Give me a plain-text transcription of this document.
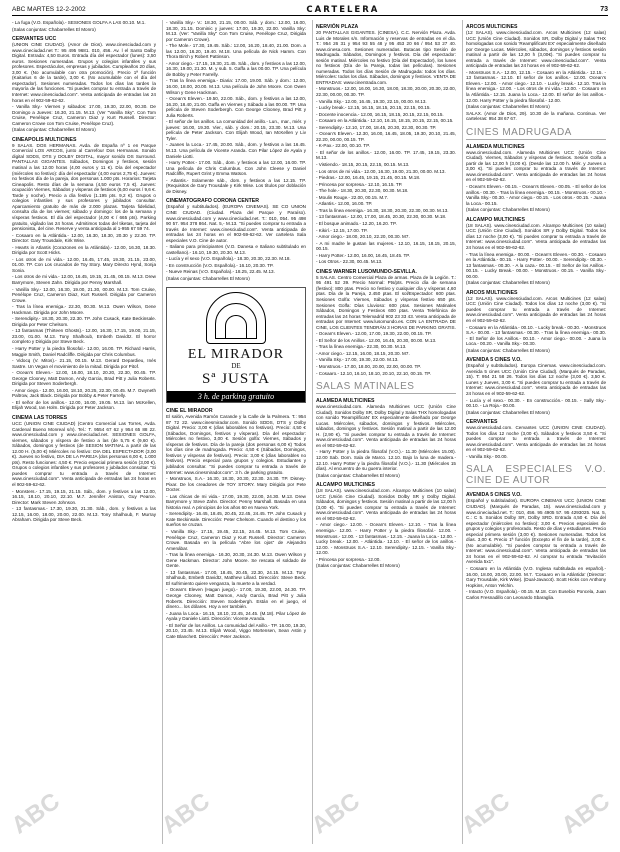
ABC MARTES 12-2-2002	CARTELERA	73
- La fuga (V.O. Española).- SESIONES GOLFA A LAS 00.10. M.1.
(Salas conjuntas: Chabarrelles El Monro)
CERVANTES UCC
(UNION CINE CIUDAD). (Amor de Dios). www.cinesciudad.com y www.cineciudad.net T.: 95 495 9681. 010, 456. Av. l el Santo Dalby Digital. Entrada: 4,50 Euros. Entrada día del espectador (lunes): 3,50 euros. Sesiones numeradas. Grupos y colegios infantiles y sus profesores. Espectáculos, empresas y jubilados. Cumpleaños 20 días, 3,00 €. (No acumulable con otra promoción). Precio 1ª función (Kaitarius 6 de la tarde), 3,00 €. (No acumulable con el día del espectador). Sesiones numeradas. Todos los días las tardes la mayoría de las funciones. "Si puedes comprar tu entrada a través de Internet: www.cinesciudad.com". Venta anticipada de entradas las 24 horas en el 902-59-62-62.
- Vanilla Sky.- Viernes y sábados: 17.00, 19.30, 22.00, 00.30. De Domingo a Jueves: 16.30, 21.15. M.13. (Ver "Vanilla Sky". Con Tom Cruise, Penélope Cruz, Cameron Diaz y Kurt Russell. Director: Cameron Crowe con Tom Cruise, Penélope Cruz).
(Salas conjuntas: Chabarrelles El Monro)
CINEAPOLIS MULTICINES
9 SALAS. DOS HERMANAS. Avda. de España nº 1 en Parque Comercial LOS ARCOS, junto al Carrefour Dos Hermanas. Sonido digital SDDS, DTS y DOLBY DIGITAL, mayor sonido DS Surround. PANTALLAS GIGANTES. Sábados, Domingos y festivos, sesión matinal a las 12.00 horas (4,00 euros y 11 €). Día del espectador (miércoles no festivo): día del espectador (4,00 euros 2,75 €). Jueves: no festivos día de la pareja, dos personas 1.000 pts. Horarios: Tarjeta Cineapolis. Resto días de la semana (4,50 euros 7,5 €). Jueves: ocupación Viernes, Sábados y vísperas de festivos (6,00 euros / 9,6 €. Tarde y noche). Precio a día festivo (1.195 pts. 9,2 €). Grupos o colegios infantiles y sus profesores y jubilados consultar. Aparcamiento gratuito de más de 2.000 plazas. Tarjeta fidelidad, consulta día de los viernes; sábado y domingo: los de la semana y vísperas festivos. El día del espectador (4,00 € / 665 pts). Parking gratuito, vigilado las 24 horas. Admitimos todas del tiketas, tarjeta del pensionista, del cine. Reserve y venta anticipada al 1-955 67 59 74.
- Cosaaro en la Atlántida.- 12.00, 16.30, 18.30, 20.30 y 22.30. TP. Director: Gary Trousdale, Kirk Wise.
- Hearts in Atlantis (Corazones en la Atlántida).- 12.00, 16.30, 18.30. Dirigida por Scott Hicks.
- Los otros de mi vida.- 12.00, 16.45, 17.45, 19.30, 21.15, 23.00, 01.00. TP. Con Los crucados de Toy Story. Mary Directo Hynd, Sonja Sonia.
- Los otros de mi vida.- 12.00, 16.45, 19.15, 21.45, 00.15. M.13. Drew Barrymore, Steven Zahn. Dirigida por Penny Marshall.
- Vanilla Sky.- 12.00, 16.30, 19.00, 21.30, 00.00. M.13. Tom Cruise, Penélope Cruz, Cameron Diaz, Kurt Russell. Dirigida por Cameron Crowe.
- Tras la línea enemiga.- 22.30, 00.30. M.13. Owen Wilson, Gene Hackman. Dirigida por John Moore.
- Serendipity.- 18.30, 20.30, 22.30. TP. John Cusack, Kate Beckinsale. Dirigida por Peter Chelsom.
- 13 fantasmas (Thirteen Ghosts).- 12.00, 16.30, 17.15, 19.00, 21.15, 23.00, 01.00. M.13. Tony Shalhoub, Embeth Davidtz. El horror completo y Dirigida por Steve Beck.
- Harry Potter y la piedra filosofal.- 12.00, 16.00. TP. Richard Harris, Maggie Smith, Daniel Radcliffe. Dirigida por Chris Columbus.
- Vidocq (V. Mitos).- 21.15, 00.15. M.13. Gerard Depardieu, Inés Sastre. Un Vegan el movimiento de la mitad. Dirigida por Pitof.
- Ocean's Eleven.- 12.00, 16.00, 18.10, 20.20, 22.30, 00.45. TP. George Clooney, Matt Damon, Andy Garcia, Brad Pitt y Julia Roberts. Dirigida por Steven Soderbergh.
- Amor ciego.- 12.00, 16.00, 18.10, 20.25, 22.30, 00.45. M.7. Gwyneth Paltrow, Jack Black. Dirigida por Bobby & Peter Farrelly.
- El señor de los anillos.- 12.00, 16.00, 19.05. M.13. lan McKellen, Elijah Wood, Ian Holm. Dirigida por Peter Jackson.
CINEMA LAS TORRES
UCC (UNION CINE CIUDAD) (Centro Comercial Las Torres, Avda. Cardenal Bueno Monreal s/n). Tel.: T. 9554 67 62 y 954 65 88 22. www.cinesciudad.com y www.cineciudad.net. SESIONES GOLFA, viernes, sábados y víspera de festivo a las (de 5,75 € (9,60 €). Sábados, domingos y festivos (de SESION MATINAL a partir de las 12.00 H. (5,00 €) Miércoles no festivo: DIA DEL ESPECTADOR (3,00 €). Jueves no festivo, DIA DE LA PAREJA (dos personas 6,00 €, 1.000 pts). Resto funciones: 4,50 €. Precio especial primera sesión (3,00 €). Grupos o colegios infantiles y sus profesores y jubilados consultar. "Si puedes comprar tu entrada a través de Internet: www.cinesciudad.com". Venta anticipada de entradas las 24 horas en el 902-59-62-62.
- Monsters.- 17.15, 19.15, 21.15. Sáb., dom. y festivos a las 12.00, 16.15, 18.10, 20.10, 22.10. M.7. Jennifer Aniston, Guy Pearce. Director: Mark Steven Johnson.
- 13 fantasmas.- 17.30, 19.30, 21.30. Sáb., dom. y festivos a las 12.15, 16.00, 18.00, 20.00, 22.00. M.13. Tony Shalhoub, F. Murray Abraham. Dirigida por Steve Beck.
- Vanilla Sky.- V.: 18.30, 21.15, 00.00. Sáb. y dom.: 12.00, 16.00, 18.30, 21.15. Dominic y jueves: 17.00, 19.30, 22.00. Vanilla Sky: M.13. (Ver: "Vanilla Sky" Con Tom Cruise, Penélope Cruz, Dirigida por Cameron Crowe).
- The Mole.- 17.30, 19.45. Sáb.: 12.00, 16.20, 18.40, 21.00. Dom. a las 12.00, 16.20, 19.40. M.18. Una película de Nick Hamm. Con Thora Birch y Robert Pattinson.
- Amor ciego.- 17.15, 19.30, 21.45. Sáb., dom. y festivos a las 12.00, 16.30, 19.00, 21.30. M. y sub. 5. Gaffa a las 00.00. TP. Una película de Bobby y Peter Farrelly.
- Tras la línea enemiga.- Diaria: 17.00, 19.00. Sáb. y dom.: 12.00, 16.00, 18.00, 20.00. M.13. Una película de John Moore. Con Owen Wilson y Gene Hackman.
- Ocean's Eleven.- 19.50, 22.00. Sáb., dom. y festivos a las 12.00, 16.20, 18.40, 21.00. Gaffa en Viernes y Sábado a las 00.00. TP. Una película de Steven Soderbergh. Con George Clooney, Brad Pitt y Julia Roberts.
- El señor de los anillos. La comunidad del anillo.- Lun., mar., miér. y jueves: 16.00, 19.30. Vier., sáb. y dom.: 20.15, 23.30. M.13. Una película de Peter Jackson. Con Elijah Wood, Ian McKellen y Liv Tyler.
- Juanes la Loca.- 17.45, 20.00. Sáb., dom. y festivos a las 16.45. M.13. Una película de Vicente Aranda. Con Pilar López de Ayala y Daniele Liotti.
- Harry Potter.- 17.00. Sáb., dom. y festivos a las 12.00, 16.00. TP. Una película de Chris Columbus. Con John Cleese y Daniel Radcliffe, Rupert Grint y Emma Watson.
- Atlantis.- Solamente sáb., dom. y festivos a las 12.15. TP. (Requisitos de Gary Trousdale y Kirk Wise. Los títulos por doblación de Disney.
CINEMATOGRAFO CORONA CENTER
(Español y subtitulados). (EUROPA CINEMAS). SE CO UNION CINE CIUDAD. (Ciudad. Plaza del Parque y Paraíso). www.cinesciudad.com y www.cineciudad.net. T.: 010, 054. 95 498 90 57. 954 378 864. Nat. 5,- M.13. "Si puedes comprar tu entrada a través de Internet: www.cinesciudad.com". Venta anticipada de entradas las 24 horas en el 902-59-62-62. Ver cartelera Sala especiales V.O. Cine de autor.
- Italiano para principiantes (V.O. Danesa e Italiano subtitulado en castellano).- 16.10, 19.30, 20.30. M.13.
- Lucía y el sexo (V.O. Española).- 18.30, 20.30, 22.30. M.18.
- En construcción (V.O. Española).- 16.10, 20.30. TP.
- Nueve Reinas (V.O. Española).- 18.25, 22.45. M.13.
(Salas conjuntas: Chabarrelles El Monro)
EL MIRADOR
DE
Sª JUSTA
3 h. de parking gratuito
CINE EL MIRADOR
El salón, Avenida Ramón Carande y la Calle de la Palmera. T.: 954 87 72 22. www.cinesmirador.com. Sonido SDDS, DTS y Dolby Digital. Precio: 3,00 € (días laborables no festivos). Precio: 4,50 € (Sábados, Domingos, festivos y vísperas). Día del espectador: Miércoles no festivo, 3,00 €. Sesión golfa: Viernes, Sábados y vísperas de festivos. Día de la pareja (dos personas 6,00 €) Todos los días cine de madrugada. Precio: 4,50 € (Sábados, Domingos, festivos y vísperas de festivos). Precio: 3,00 € (días laborables no festivos). Precio especial para grupos y colegios. Estudiantes y jubilados consultar. "Si puedes comprar tu entrada a través de Internet: www.cinesmirador.com". 3 h. de parking gratuito.
- Monstruos, S.A.- 16.30, 18.30, 20.30, 22.30. 24.30. TP. Disney-Pixar. De los creadores de TOY STORY. Mary Dirigida por Pete Docter.
- Las chicas de mi vida.- 17.00, 19.30, 22.00, 24.30. M.13. Drew Barrymore y Steve Zahn. Director: Penny Marshall. Basada en una historia real. A principios de los años 60 en Nueva York.
- Serendipity.- 16.45, 18.45, 20.45, 22.45, 24.45. TP. John Cusack y Kate Beckinsale. Dirección: Peter Chelsom. Cuando el destino y los sueños se cruzan.
- Vanilla Sky.- 17.15, 19.45, 22.15, 24.45. M.13. Tom Cruise, Penélope Cruz, Cameron Diaz y Kurt Russell. Director: Cameron Crowe. Basada en la película "Abre los ojos" de Alejandro Amenábar.
- Tras la línea enemiga.- 16.30, 20.30, 24.30. M.13. Owen Wilson y Gene Hackman. Director: John Moore. Se rescata el soldado de Gente.
- 13 fantasmas.- 17.00, 18.45, 20.45, 22.30, 24.15. M.13. Tony Shalhoub, Embeth Davidtz, Matthew Lillard. Dirección: Steve Beck. El sufrimiento quiere venganza, la muerte a la verdad.
- Ocean's Eleven (Hagan juego).- 17.00, 19.30, 22.00, 24.30. TP. George Clooney, Matt Damon, Andy García, Brad Pitt y Julia Roberts. Dirección: Steven Soderbergh. Están en el juego, el dinero... los dólares. Hoy a ver también.
- Juana la Loca.- 16.15, 18.10, 22.45, 24.45. (M.18). Pilar López de Ayala y Daniele Liotti. Dirección: Vicente Aranda.
- El Señor de los Anillos. La comunidad del Anillo.- TP. 16.00, 19.30, 20.10, 23.45. M.13. Elijah Wood, Viggo Mortensen, Sean Astin y Cate Blanchett. Dirección: Peter Jackson.
NERVIÓN PLAZA
20 PANTALLAS GIGANTES. (CINESA). C.C. Nervión Plaza. Avda. Luis de Morales s/n. Información y reservas de entradas en el día. T.: 954 26 31 y 954 93 55 48 y 95 453 20 66 / 954 53 27 40. www.cinesa.com. Sesiones numeradas. Butacas tipo Sesión de Madrugada. Sábados, Domingos y festivos. Día del espectador: sesión matinal. Miércoles no festivo (Día del Espectador), los lunes no festivos (Día de la Pareja, todas las películas). Sesiones numeradas. Todos los días Sesión de Madrugada: todos los días. Miércoles: todos los días. Sábados, domingos y festivos. VENTA DE ENTRADAS: www.cinentrada.com.
- Monstruos.- 12.00, 16.00, 16.30, 18.00, 18.30, 20.00, 20.30, 22.00, 22.30, 00.00, 00.30. TP.
- Vanilla Sky.- 12.00, 16.45, 19.30, 22.15, 00.00. M.13.
- Lucky break.- 12.15, 16.15, 18.15, 20.15, 22.15, 00.15.
- Docente inocencia.- 12.00, 16.15, 18.15, 20.15, 22.15, 00.15.
- Cosaaro en la Atlántida.- 12.10, 16.15, 18.15, 20.15, 22.15, 00.15.
- Serendipity.- 12.10, 17.00, 18.45, 20.30, 22.30, 00.30. TP.
- Ocean's Eleven.- 12.30, 16.00, 16.45, 18.05, 19.30, 20.10, 21.45, 22.20, 00.00, 00.15. TP.
- K-Pax.- 22.00, 00.10. TP.
- El señor de los anillos.- 12.00, 16.00. TP. 17.45, 19.15, 23.30. M.13.
- Vistiendo.- 18.15, 20.15, 22.15, 00.15. M.13.
- Los otros de mi vida.- 12.00, 16.30, 19.00, 21.30, 00.00. M.13.
- Piedras.- 12.00, 16.45, 19.15, 21.45, 00.15. M.18.
- Princesa por sorpresa.- 12.10, 16.15. TP.
- The hole.- 18.30, 20.30, 22.30, 00.30. M.18.
- Moulin Rouge.- 22.00, 00.15. M.7.
- Atlantis.- 12.00, 16.00. TP.
- Tras la línea enemiga.- 16.30, 18.30, 20.30, 22.30, 00.30. M.13.
- 13 fantasmas.- 12.00, 17.00, 18.45, 20.30, 22.30, 00.30. M.18.
- El bosque animado.- 12.20, 16.20. TP.
- Kikirí.- 12.15, 17.00. TP.
- Amor ciego.- 18.00, 20.10, 22.20, 00.30. M7.
- A mi madre le gustan las mujeres.- 12.10, 16.15, 18.15, 20.15, 00.15.
- Harry Potter.- 12.00, 16.00, 16.45, 18.45. TP.
- Los Otros.- 22.30, 00.45. M.13.
CINES WARNER LUSOMUNDO-SEVILLA.
5 SALAS. Centro Comercial Plaza de armas. Plaza de la Legión. T.: 95 491 52 39. Precio Normal: Pts/pts. Precio día de semana (festivo): 800 ptas. Precio no festivo y cualquier día y vísperas 4,60 ptas. Día de la Pareja, 2.450 ptas. El sol/Espectador: 600 ptas. Sesiones Golfa: Viernes, Sábados y vísperas festivo 650 pts. Sesiones Golfa: Días Lluvioso: 600 ptas. Sesiones Matinales Sábados, Domingos y Festivos 600 ptas. Venta Telefónica de entradas las 24 horas Telemadrid 902 23 33 43. Venta anticipada de entradas por Internet: www.lusomundo.es. CON LA ENTRADA DE CINE, LOS CLIENTES TENDRÁN 3 HORAS DE PARKING GRATIS.
- Ocean's Eleven.- 12.00, 17.00, 19.30, 22.00, 00.15. TP.
- El Señor de los Anillos.- 12.00, 16.45, 20.30, 00.00. M.13.
- Tras la línea enemiga.- 22.30, 00.30. M.13.
- Amor ciego.- 12.15, 16.00, 18.15, 20.30. M7.
- Vanilla Sky.- 17.00, 19.30, 22.00. M.13.
- Monstruos.- 17.00, 18.00, 20.00, 22.00, 00.00. TP.
- Cosaaro.- 12.10, 16.10, 18.10, 20.10, 22.10, 00.15. TP.
SALAS MATINALES
ALAMEDA MULTICINES
www.cinesciudad.com. Alameda Multicines UCC (Unión Cine Ciudad). Sonidos Dolby SR, Dolby Digital y Salas THX homologadas con sonido 'ReamplificaN' EX especialmente diseñado por George Lucas. Miércoles, sábados, domingos y festivos. Miércoles, sábados, domingos y festivos. Sesión matinal a partir de las 12.00 H. (2,90 €). "Si puedes comprar tu entrada a través de Internet: www.cinesciudad.com". Venta anticipada de entradas las 24 horas en el 902-59-62-62.
- Harry Potter y la piedra filosofal (V.O.).- 11.30 (Miércoles 15.00). 12.00 Sab. Dom. Sala de Marco. 12.10. Bajo la luna de madera.- 12.10. Harry Potter y la piedra filosofal (V.O.).- 11.30 (Miércoles 15 días). Al encuentro de su guerra interior.
(Salas conjuntas: Chabarrelles El Monro)
ALCAMPO MULTICINES
(18 SALAS). www.cinesciudad.com. Alcampo Multicines (10 salas) UCC (Unión Cine Ciudad). Sonidos Dolby SR y Dolby Digital. Sábados, domingos y festivos. Sesión matinal a partir de las 12,00 h (3,00 €). "Si puedes comprar tu entrada a través de Internet: www.cinesciudad.com". Venta anticipada de entradas las 24 horas en el 902-59-62-62.
- Amor ciego.- 12.00. - Ocean's Eleven.- 12.10. - Tras la línea enemiga.- 12.00. - Harry Potter y la piedra filosofal.- 12.00. - Monstruos.- 12.00. - 13 fantasmas.- 12.15. - Juana la Loca.- 12.00. - Lucky break.- 12.00. - Atlántida.- 12.10. - El señor de los anillos.- 12.00. - Monstruos S.A.- 12.10. Serendipity.- 12.15. - Vanilla Sky.- 12.00.
- Princesa por sorpresa.- 12.00.
(Salas conjuntas: Chabarrelles El Monro)
ARCOS MULTICINES
(12 SALAS). www.cinesciudad.com. Arcos Multicines (12 salas) UCC (Unión Cine Ciudad). Sonidos SR, Dolby Digital y Salas THX homologadas con sonido 'ReamplificaN EX' especialmente diseñado por George Lucas. Miércoles, sábados, domingos y festivos sesión matinal a partir de las 12,00 h (3,00€). "Si puedes comprar tu entrada a través de Internet: www.cinesciudad.com". Venta anticipada de entradas las 24 horas en el 902-59-62-62.
- Monstruos S.A.- 12.00, 12.15. - Cosaaro en la Atlántida.- 12.15. - 13 fantasmas.- 12.10. El señor de los anillos.- 12.00. Ocean's Eleven.- 12.00. - Amor ciego.- 12.10. - Lucky break.- 12.10. Tras la línea enemiga.- 12.00. - Los otros de mi vida.- 12.00. - Cosaaro en la Atlántida.- 12.15. Juana la Loca.- 12.00. El señor de los anillos.- 12.00. Harry Potter y la piedra filosofal.- 12.00.
(Salas conjuntas: Chabarrelles El Monro)
SALAX. (Amor de Dios, 29). 10.30 de la mañana. Continua. Ver carteleras: 954 38 67 67.
CINES MADRUGADA
ALAMEDA MULTICINES
www.cinesciudad.com. Alameda Multicines UCC (Unión Cine Ciudad). Viernes, Sábados y vísperas de festivos. Sesión Golfa a partir de las 12,00 h (3,00 €). (Desde las 12.00 h. Miér. y Jueves a 3,00 €). "Si puedes comprar tu entrada a través de Internet: www.cinesciudad.com". Venta anticipada de entradas las 24 horas en el 902-59-62-62.
- Ocean's Eleven.- 00.15. - Ocean's Eleven.- 00.05. - El señor de los anillos.- 00.30. - Tras la línea enemiga.- 00.15. - Monstruos.- 00.10. - Vanilla Sky.- 00.30. - Amor ciego.- 00.15. - Los otros.- 00.15. - Juana la Loca.- 00.15.
(Salas conjuntas: Chabarrelles El Monro)
ALCAMPO MULTICINES
(18 SALAS). www.cinesciudad.com. Alcampo Multicines (10 salas) UCC (Unión Cine Ciudad). Sonidos SR y Dolby Digital. Todos los días 12 noche (3,00 €). "Si puedes comprar tu entrada a través de Internet: www.cinesciudad.com". Venta anticipada de entradas las 24 horas en el 902-59-62-62.
- Tras la línea enemiga.- 00.00. - Ocean's Eleven.- 00.30. - Cosaaro en la Atlántida.- 00.15. - Harry Potter.- 00.00. - Serendipity.- 00.30. - 13 fantasmas.- 00.30. - A la caza.- 00.15. - El Señor de los Anillos.- 00.15. - Lucky Break.- 00.00. - Monstruos.- 00.15. - Vanilla Sky.- 00.00.
(Salas conjuntas: Chabarrelles El Monro)
ARCOS MULTICINES
(12 SALAS). www.cinesciudad.com. Arcos Multicines (12 salas) UCC (Unión Cine Ciudad). Todos los días 12 noche (3,00 €). "Si puedes comprar tu entrada a través de Internet: www.cinesciudad.com". Venta anticipada de entradas las 24 horas en el 902-59-62-62.
- Cosaaro en la Atlántida.- 00.10. - Lucky break.- 00.30. - Monstruos S.A.- 00.00. - 13 fantasmas.- 00.30. - Tras la línea enemiga.- 00.30. - El Señor de los Anillos.- 00.10. - Amor ciego.- 00.00. - Juana la Loca.- 00.20. - Vanilla Sky.- 00.30.
(Salas conjuntas: Chabarrelles El Monro)
AVENIDA 5 CINES V.O.
(Español y subtitulados). Europa Cinemas. www.cinesciudad.com. Avenida 5 cines UCC (Unión Cine Ciudad). (Marqués de Paradas, 15). T: 954 21 58 26. Todos los días 12 noche (3,00 €). 3,50 €. Lunes y Jueves, 3,00 €. "Si puedes comprar tu entrada a través de Internet: www.cinesciudad.com". Venta anticipada de entradas las 24 horas en el 902-59-62-62.
- Lucía y el sexo.- 00.30. - En construcción.- 00.15. - Sally Sky.- 00.10. - La Roja.- 00.00.
(Salas conjuntas: Chabarrelles El Monro)
CERVANTES
www.cinesciudad.com. Cervantes UCC (UNION CINE CIUDAD). Todos los días 12 noche (3,00 €). Sábados y festivos 3,50 €. "Si puedes comprar tu entrada a través de Internet: www.cinesciudad.com". Venta anticipada de entradas las 24 horas en el 902-59-62-62.
- Vanilla Sky.- 00.00.
SALA ESPECIALES V.O. CINE DE AUTOR
AVENIDA 5 CINES V.O.
(Español y subtitulados). EUROPA CINEMAS UCC (UNION CINE CIUDAD). (Marqués de Paradas, 15). www.cinesciudad.com y www.cineciudad.net. T.: 010, 456. 95 4905 57. 95 4293025. Nat. 5, C.: C 5. Sonidos Dolby SR, Dolby SRD. Entrada 4,50 €. Día del espectador (miércoles no festivo): 3,00 €. Precios especiales de grupos y colegios y profesorado. Resto de días y estudiantes. Precio especial primera sesión (3,00 €). Sesiones numeradas. Todos los días. 3,00 €. Precio 1ª función (Excepto el fin de la tarde), 3,00 €. (No acumulable). "Si puedes comprar tu entrada a través de Internet: www.cinesciudad.com". Venta anticipada de entradas las 24 horas en el 902-59-62-62. Al comprar tu entrada "Invitación Avenida 5x1".
- Cosaaro en la Atlántida (V.O. Inglesa subtitulada en español).- 16.00, 18.00, 20.00, 22.00. M.7. 'Cosaaro en la Atlántida' (Director: Gary Trousdale, Kirk Wise). (Dual-Javacot). Scott Hicks con Anthony Hopkins, Anton Yelchin.
- Intacto (V.O. Española).- 00.15. M.18. Con Eusebio Poncela, Juan Carlos Fresnadillo con Leonardo Sbaraglia.
ABC	ABC	ABC	ABC ABC
